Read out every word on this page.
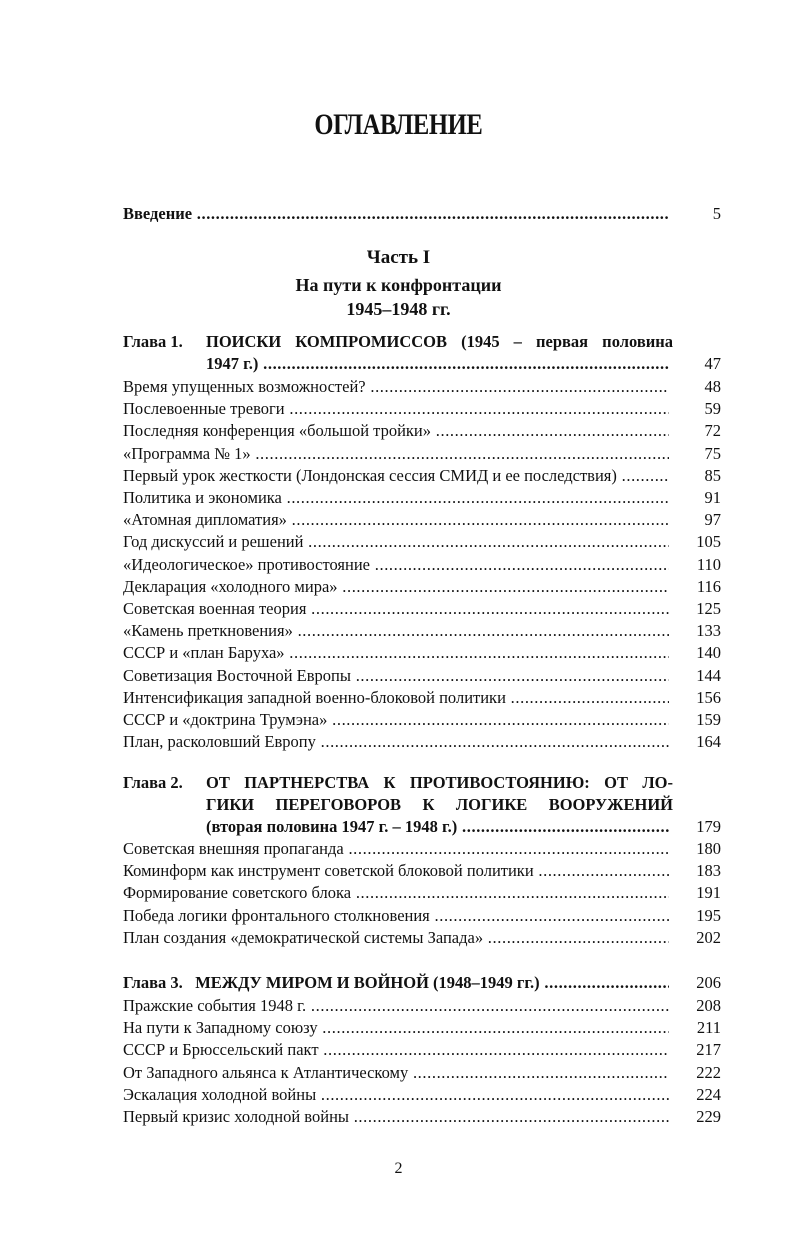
ОГЛАВЛЕНИЕ
Введение .....	5
Часть I
На пути к конфронтации
1945–1948 гг.
Глава 1. ПОИСКИ КОМПРОМИССОВ (1945 – первая половина
1947 г.) .....	47
Время упущенных возможностей? .....	48
Послевоенные тревоги .....	59
Последняя конференция «большой тройки» .....	72
«Программа № 1» .....	75
Первый урок жесткости (Лондонская сессия СМИД и ее последствия) .....	85
Политика и экономика .....	91
«Атомная дипломатия» .....	97
Год дискуссий и решений .....	105
«Идеологическое» противостояние .....	110
Декларация «холодного мира» .....	116
Советская военная теория .....	125
«Камень преткновения» .....	133
СССР и «план Баруха» .....	140
Советизация Восточной Европы .....	144
Интенсификация западной военно-блоковой политики .....	156
СССР и «доктрина Трумэна» .....	159
План, расколовший Европу .....	164
Глава 2. ОТ ПАРТНЕРСТВА К ПРОТИВОСТОЯНИЮ: ОТ ЛО-
ГИКИ ПЕРЕГОВОРОВ К ЛОГИКЕ ВООРУЖЕНИЙ
(вторая половина 1947 г. – 1948 г.) .....	179
Советская внешняя пропаганда .....	180
Коминформ как инструмент советской блоковой политики .....	183
Формирование советского блока .....	191
Победа логики фронтального столкновения .....	195
План создания «демократической системы Запада» .....	202
Глава 3. МЕЖДУ МИРОМ И ВОЙНОЙ (1948–1949 гг.) .....	206
Пражские события 1948 г. .....	208
На пути к Западному союзу .....	211
СССР и Брюссельский пакт .....	217
От Западного альянса к Атлантическому .....	222
Эскалация холодной войны .....	224
Первый кризис холодной войны .....	229
2
